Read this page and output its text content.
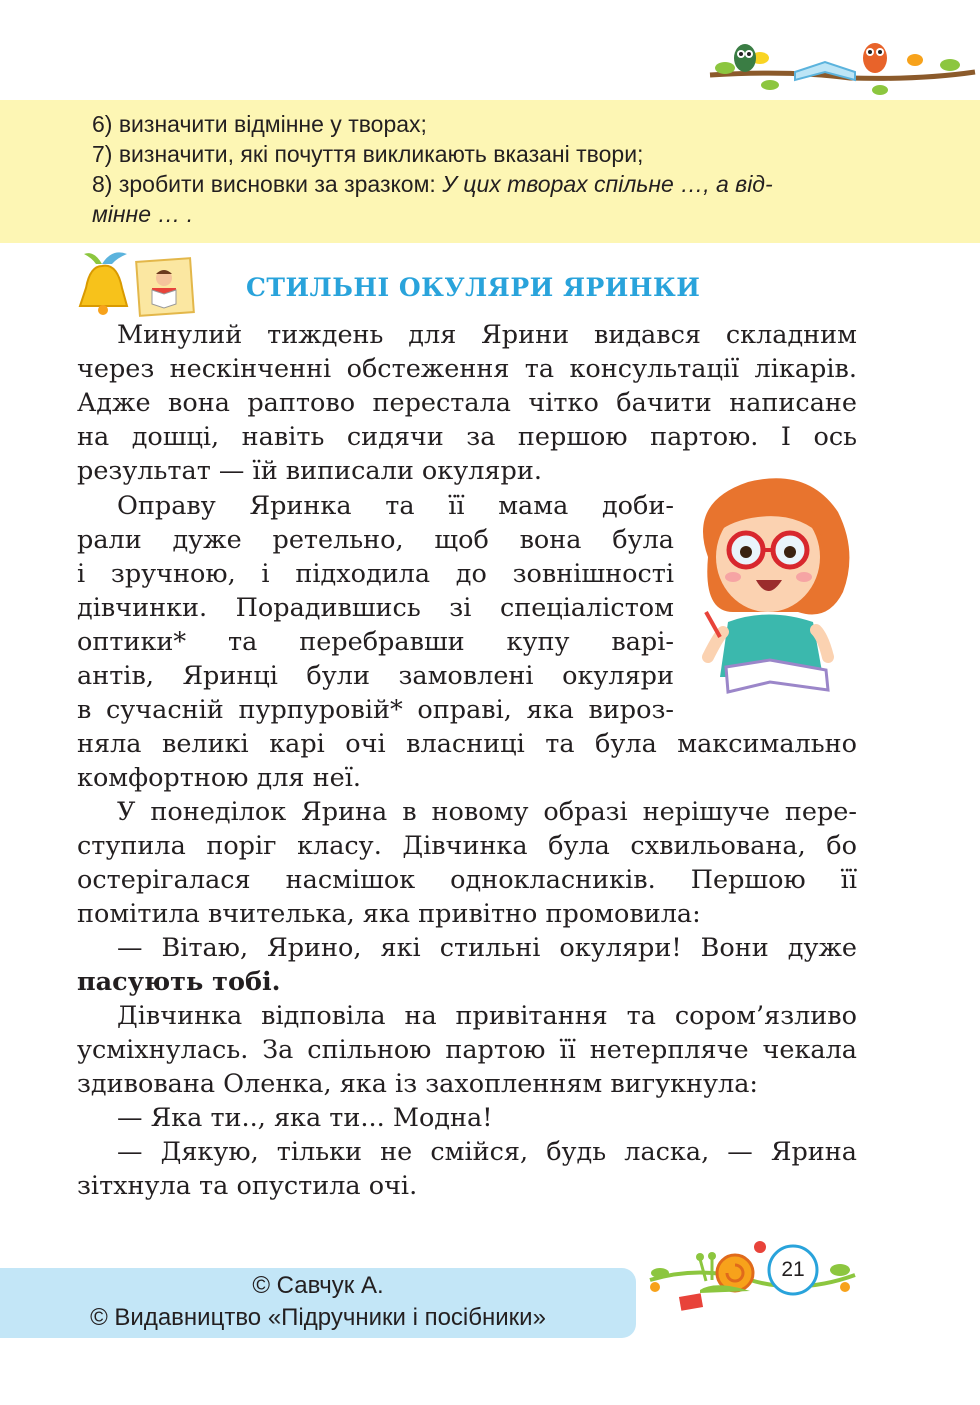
6) визначити відмінне у творах;

7) визначити, які почуття викликають вказані твори;

8) зробити висновки за зразком: У цих творах спільне …, а від-

мінне … .

СТИЛЬНІ ОКУЛЯРИ ЯРИНКИ
Минулий тиждень для Ярини видався складним
через нескінченні обстеження та консультації лікарів.
Адже вона раптово перестала чітко бачити написане
на дошці, навіть сидячи за першою партою. І ось
результат — їй виписали окуляри.
Оправу Яринка та її мама доби-
рали дуже ретельно, щоб вона була
і зручною, і підходила до зовнішності
дівчинки. Порадившись зі спеціалістом
оптики* та перебравши купу варі-
антів, Яринці були замовлені окуляри
в сучасній пурпуровій* оправі, яка вироз-
няла великі карі очі власниці та була максимально
комфортною для неї.
У понеділок Ярина в новому образі нерішуче пере-
ступила поріг класу. Дівчинка була схвильована, бо
остерігалася насмішок однокласників. Першою її
помітила вчителька, яка привітно промовила:
— Вітаю, Ярино, які стильні окуляри! Вони дуже
пасують тобі.
Дівчинка відповіла на привітання та сором’язливо
усміхнулась. За спільною партою її нетерпляче чекала
здивована Оленка, яка із захопленням вигукнула:
— Яка ти.., яка ти... Модна!
— Дякую, тільки не смійся, будь ласка, — Ярина
зітхнула та опустила очі.
21
© Савчук А.
© Видавництво «Підручники і посібники»
